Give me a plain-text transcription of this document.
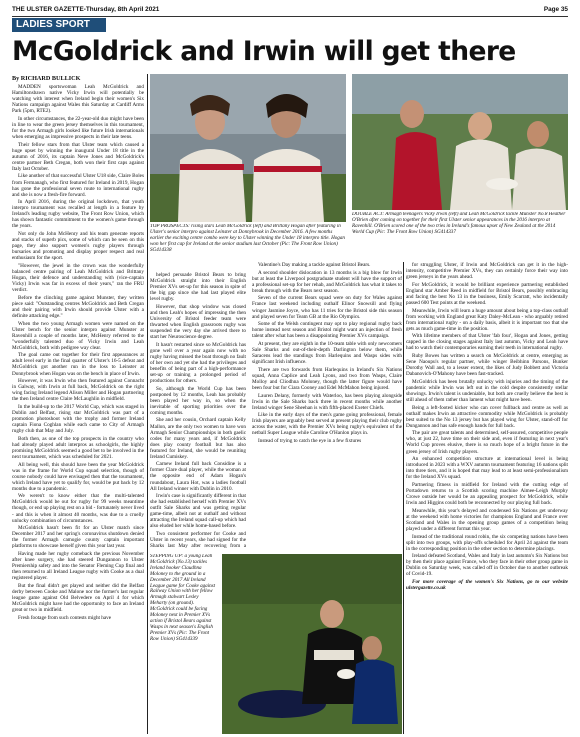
THE ULSTER GAZETTE-Thursday, 8th April 2021	Page 35
LADIES SPORT
McGoldrick and Irwin will get there
By RICHARD BULLICK

MADDEN sportswoman Leah McGoldrick and Hamiltonsbawn native Vicky Irwin will potentially be watching with interest when Ireland begin their women's Six Nations campaign against Wales this Saturday at Cardiff Arms Park (5pm, RTE2).

In other circumstances, the 22-year-old duo might have been in line to wear the green jersey themselves in this tournament, for the two Armagh girls looked like future Irish internationals when emerging as impressive prospects in their late teens.

Their fellow stars from that Ulster team which caused a huge upset by winning the inaugural Under 18 title in the autumn of 2016, its captain Neve Jones and McGoldrick's centre partner Beth Cregan, both won their first caps against Italy last October.

Like another of that successful Ulster U18 side, Claire Boles from Fermanagh, who first featured for Ireland in 2019, Hogan has gone the professional seven route to international rugby and she is now a fresh-fire forward.

In April 2016, during the original lockdown, that youth interpro tournament was recalled at length in a feature by Ireland's leading rugby website, The Front Row Union, which has shown fantastic commitment to the women's game through the years.

Not only do John McHenry and his team generate reports and stacks of superb pics, some of which can be seen on this page, they also support women's rugby players through bursaries and promoting and display proper respect and real enthusiasm for the sport.

"However, the jewel in the crown was the wonderfully balanced centre pairing of Leah McGoldrick and Brittany Hogan, their defence and understanding with (vice-captain Vicky) Irwin was far in excess of their years," ran the FRU verdict.

Before the clinching game against Munster, they written piece said: "Outstanding centres McGoldrick and Beth Cregan and their pairing with Irwin should provide Ulster with a definite attacking edge."

When the two young Armagh women were named on the Ulster bench for the senior interpro against Munster at Ravenhill a couple of months later, McHenry referred to the "wonderfully talented duo of Vicky Irwin and Leah McGoldrick, both with pedigree way clear.

The goal came out together for their first appearances at adult level early in the final quarter of Ulster's 16-5 defeat and McGoldrick got another run in the loss to Leinster at Donnybrook when Hogan was on the bench in place of Irwin.

However, it was Irwin who then featured against Connacht in Galway, with Irwin at full back, McGoldrick on the right wing facing Ireland legend Alison Miller and Hogan partnering the then Ireland centre Claire McLaughlin in midfield.

In the build-up to the 2017 World Cup, which was staged in Dublin and Belfast, rising star McGoldrick was part of a promotion photoshoot with the trophy and former Ireland captain Fiona Coghlan while each came to City of Armagh rugby club that May and July.

Both then, as one of the top prospects in the country who had already played adult interpros as schoolgirls, the highly promising McGoldrick seemed a good bet to be involved in the next tournament, which was scheduled for 2021.

All being well, this should have been the year McGoldrick was in the frame for World Cup squad selection, though of course nobody could have envisaged then that the tournament, which Ireland have yet to qualify for, would be put back by 12 months due to a pandemic.

We weren't to know either that the multi-talented McGoldrick would be out for rugby for 99 weeks meantime though, or end up playing rest on a bid - fortunately never lived - and this is when it almost 40 months, was due to a cruelly unlucky combination of circumstances.

McGoldrick hasn't been fit for an Ulster match since December 2017 and her spring's coronavirus shutdown denied the former Armagh camogie county captain important platforms to showcase herself given this year last year.

Having made her rugby comeback the previous November after knee surgery, she had steered Dungannon to Ulster Premiership safety and into the Senator Fleming Cup final and then returned to all Ireland League rugby with Cooke as a dual registered player.

But the final didn't get played and neither did the Belfast derby between Cooke and Malone nor the former's last regular league game against Old Belvedere on April 4 for which McGoldrick might have had the opportunity to face an Ireland great or two in midfield.

Fresh footage from such contests might have

TOP PROSPECTS: rising stars Leah McGoldrick (left) and Brittany Hogan after featuring in Ulster's senior interpro against Leinster at Donnybrook in December 2016. A few months earlier the exciting centre combo were key to Ulster winning the Under 18 interpro title. Hogan won her first cap for Ireland at the senior stadium last October (Pic: The Front Row Union) SG414338
DOUBLE ACT: Armagh teenagers Vicky Irwin (left) and Leah McGoldrick tackle Munster No.8 Heather O'Brien after coming on together for their first Ulster senior appearances in the 2016 interpro at Ravenhill. O'Brien scored one of the two tries in Ireland's famous upset of New Zealand at the 2014 World Cup (Pic: The Front Row Union) SG414337

helped persuade Bristol Bears to bring McGoldrick straight into their English Premier XVs set-up for this season in spite of the big gap since she had last played elite level rugby.

However, that shop window was closed and then Leah's hopes of impressing the then University of Bristol feeder team were thwarted when English grassroots rugby was suspended the very day she arrived there to start her Neuroscience degree.

It hasn't restarted since so McGoldrick has gone well over a year again now with no rugby having missed the boat through no fault of her own and yet she had the privileges and benefits of being part of a high-performance set-up or training a prolonged period of productions for others.

So, although the World Cup has been postponed by 12 months, Leah has probably been played her way in, so when the inevitable of sporting priorities over the coming months.

She and her cousin, Orchard captain Kelly Mallon, are the only two women to have won Armagh Senior Championships in both gaelic codes for many years and, if McGoldrick does play county football but has also featured for Ireland, she would be reuniting Ireland Cumiskey.

Carnew Ireland full back Considine is a former Clare dual player, while the woman at the opposite end of Adam Hogan's roundabout, Laura Hot, was a ladies football All Ireland winner with Dublin in 2010.

Irwin's case is significantly different in that she had established herself with Premier XVs outfit Sale Sharks and was getting regular game-time, albeit not at outhalf and without attracting the Ireland squad call-up which had also eluded her while home-based before.

Two consistent performer for Cooke and Ulster in recent years, she had signed for the Sharks last May after recovering from a

Valentine's Day making a tackle against Bristol Bears.

A second shoulder dislocation in 13 months is a big blow for Irwin but at least the Liverpool postgraduate student will have the support of a professional set-up for her rehab, and McGoldrick has what it takes to break through with the Bears next season.

Seven of the current Bears squad were on duty for Wales against France last weekend including outhalf Elinor Snowsill and flying winger Jasmine Joyce, who has 11 tries for the Bristol side this season and played seven for Team GB at the Rio Olympics.

Some of the Welsh contingent may opt to play regional rugby back home instead next season and Bristol might want an injection of fresh talent after what has been a disappointing Premier XVs campaign.

At present, they are eighth in the 10-team table with only newcomers Sale Sharks and out-of-their-depth Darlington below them, while Saracens lead the standings from Harlequins and Wasps sides with significant Irish influence.

There are two forwards from Harlequins in Ireland's Six Nations squad, Anna Caplice and Leah Lyons, and two from Wasps, Claire Molloy and Cliodhna Moloney, though the latter figure would have been four but for Ciara Cooney and Edel McMahon being injured.

Lauren Delany, formerly with Waterloo, has been playing alongside Irwin in the Sale Sharks back three in recent months while another Ireland winger Sene Sheehan is with fifth-placed Exeter Chiefs.

Like in the early days of the men's game going professional, female Irish players are arguably best served at present playing their club rugby across the water, with the Premier XVs being rugby's equivalent of the netball Super League while Caroline O'Hanlon plays in.

Instead of trying to catch the eye in a few fixtures

for struggling Ulster, if Irwin and McGoldrick can get it in the high-intensity, competitive Premier XVs, they can certainly force their way into green jerseys in the years ahead.

For McGoldrick, it would be brilliant experience partnering established England star Amber Reed in midfield for Bristol Bears, possibly embracing and facing the best No 13 in the business, Emily Scarratt, who incidentally passed 600 Test points at the weekend.

Meanwhile, Irwin will learn a huge amount about being a top-class outhalf from working with England great Katy Daley-McLean - who arguably retired from international rugby - on a daily basis, albeit it is important too that she gets as much game-time in the position.

With lifetime members of that Ulster 'fab four', Hogan and Jones, getting capped in the closing stages against Italy last autumn, Vicky and Leah have had to watch their contemporaries earning their teeth in international rugby.

Ruby Bowes has written a search on McGoldrick at centre, emerging as Sene Naoupu's regular partner, while winger Beibhinn Parsons, Bunker Dorothy Wall and, to a lesser extent, the likes of Judy Bobbett and Victoria Dabanovich-O'Mahony have been fast-tracked.

McGoldrick has been brutally unlucky with injuries and the timing of the pandemic while Irwin was left out in the cold despite consistently stellar showings. Irwin's talent is undeniable, but both are cruelly believe the best is still ahead of them rather than lament what might have been.

Being a left-footed kicker who can cover fullback and centre as well as outhalf makes Irwin an attractive commodity while McGoldrick is probably best suited to the No 13 jersey but has played wing for Ulster, stand-off for Dungannon and has safe enough hands for full back.

The pair are great talents and determined, self-assured, competitive people who, at just 22, have time on their side and, even if featuring in next year's World Cup proves elusive, there is so much hope of a bright future in the green jersey of Irish rugby players.

An enhanced competition structure at international level is being introduced in 2023 with a WXV autumn tournament featuring 16 nations split into three tiers, and it is hoped that may lead to at least semi-professionalism for the Ireland XVs squad.

Partnering fitness in midfield for Ireland with the cutting edge of Portadown returns to a Scottish scoring machine Aimee-Leigh Murphy Crowe outside her would be an appealing prospect for McGoldrick, while Irwin and Higgins could both be reconnected by our playing full back.

Meanwhile, this year's delayed and condensed Six Nations get underway at the weekend with home victories for champions England and France over Scotland and Wales in the opening group games of a competition being played under a different format this year.

Instead of the traditional round robin, the six competing nations have been split into two groups, with play-offs scheduled for April 24 against the team in the corresponding position in the other section to determine placings.

Ireland defeated Scotland, Wales and Italy in last autumn's Six Nations but by then their place against France, who they face in their other group game in Dublin on Saturday week, was called off in October due to another outbreak of Covid-19.

For more coverage of the women's Six Nations, go to our website ulstergazette.co.uk

STEPPING UP: a young Leah McGoldrick (No.13) tackles Ireland hooker Claudhna Moloney to the ground in a December 2017 All Ireland League game for Cooke against Railway Union with her fellow Armagh stalwart Lesley Meharty (on ground). McGoldrick could be facing Moloney next in Premier XVs action if Bristol Bears against Wasps in next season's English Premier XVs (Pic: The Front Row Union) SG414339
